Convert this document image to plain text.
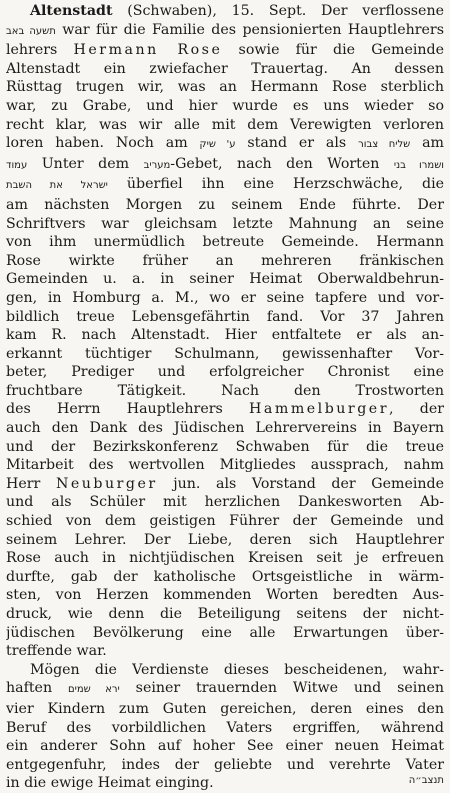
Altenstadt (Schwaben), 15. Sept. Der verflossene
תשעה באב war für die Familie des pensionierten Hauptlehrers
lehrers Hermann Rose sowie für die Gemeinde
Altenstadt ein zwiefacher Trauertag. An dessen
Rüsttag trugen wir, was an Hermann Rose sterblich
war, zu Grabe, und hier wurde es uns wieder so
recht klar, was wir alle mit dem Verewigten verloren
loren haben. Noch am ע' שיק stand er als שליח צבור am
עמוד Unter dem מעריב-Gebet, nach den Worten ושמרו בני
ישראל את השבת überfiel ihn eine Herzschwäche, die
am nächsten Morgen zu seinem Ende führte. Der
Schriftvers war gleichsam letzte Mahnung an seine
von ihm unermüdlich betreute Gemeinde. Hermann
Rose wirkte früher an mehreren fränkischen
Gemeinden u. a. in seiner Heimat Oberwaldbehrun-
gen, in Homburg a. M., wo er seine tapfere und vor-
bildlich treue Lebensgefährtin fand. Vor 37 Jahren
kam R. nach Altenstadt. Hier entfaltete er als an-
erkannt tüchtiger Schulmann, gewissenhafter Vor-
beter, Prediger und erfolgreicher Chronist eine
fruchtbare Tätigkeit. Nach den Trostworten
des Herrn Hauptlehrers Hammelburger, der
auch den Dank des Jüdischen Lehrervereins in Bayern
und der Bezirkskonferenz Schwaben für die treue
Mitarbeit des wertvollen Mitgliedes aussprach, nahm
Herr Neuburger jun. als Vorstand der Gemeinde
und als Schüler mit herzlichen Dankesworten Ab-
schied von dem geistigen Führer der Gemeinde und
seinem Lehrer. Der Liebe, deren sich Hauptlehrer
Rose auch in nichtjüdischen Kreisen seit je erfreuen
durfte, gab der katholische Ortsgeistliche in wärm-
sten, von Herzen kommenden Worten beredten Aus-
druck, wie denn die Beteiligung seitens der nicht-
jüdischen Bevölkerung eine alle Erwartungen über-
treffende war.
Mögen die Verdienste dieses bescheidenen, wahr-
haften ירא שמים seiner trauernden Witwe und seinen
vier Kindern zum Guten gereichen, deren eines den
Beruf des vorbildlichen Vaters ergriffen, während
ein anderer Sohn auf hoher See einer neuen Heimat
entgegenfuhr, indes der geliebte und verehrte Vater
in die ewige Heimat einging.	תנצב״ה
